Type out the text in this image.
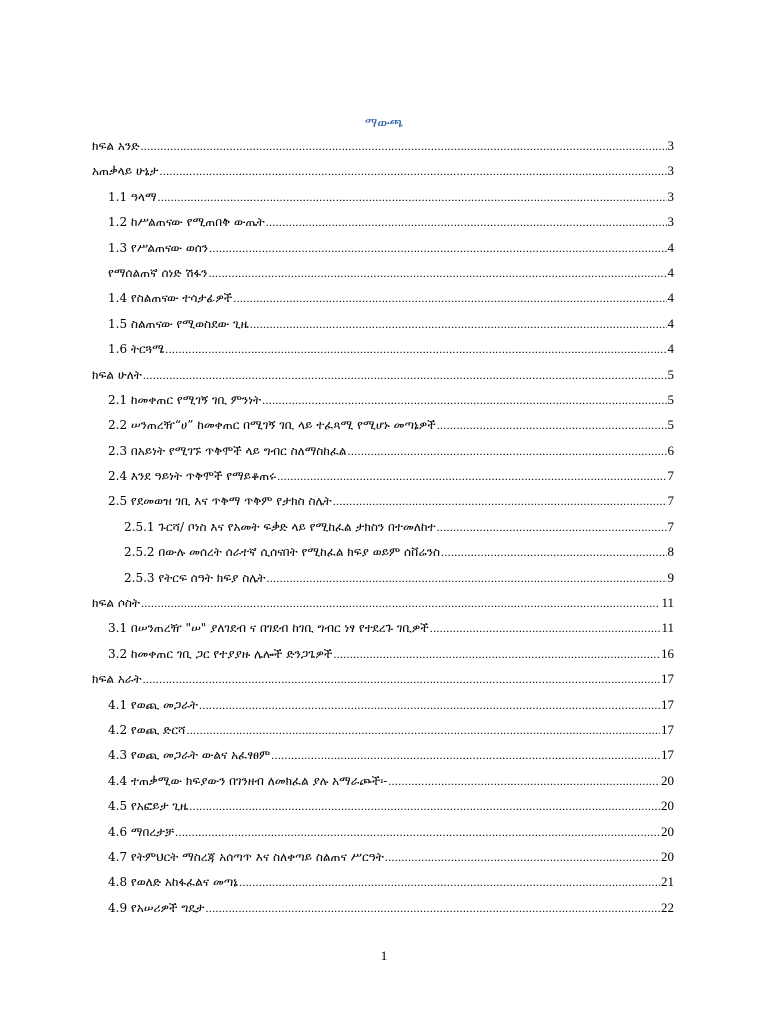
ማውጫ
ክፍል አንድ .....	3
አጠቃላይ ሁኔታ .....	3
1.1 ዓላማ .....	3
1.2 ከሥልጠናው የሚጠበቅ ውጤት .....	3
1.3 የሥልጠናው ወሰን .....	4
የማሰልጠኛ ሰነድ ሽፋን .....	4
1.4 የስልጠናው ተሳታፊዎች .....	4
1.5 ስልጠናው የሚወስደው ጊዜ .....	4
1.6 ትርጓሜ .....	4
ክፍል ሁለት .....	5
2.1 ከመቀጠር የሚገኝ ገቢ ምንነት .....	5
2.2 ሠንጠረዥ“ሀ” ከመቀጠር በሚገኝ ገቢ ላይ ተፈጻሚ የሚሆኑ መጣኔዎች .....	5
2.3 በአይነት የሚገኙ ጥቅሞች ላይ ግብር ስለማስከፈል .....	6
2.4 እንደ ዓይነት ጥቅሞች የማይቆጠሩ .....	7
2.5 የደመወዝ ገቢ እና ጥቅማ ጥቅም የታክስ ስሌት .....	7
2.5.1 ጉርሻ/ ቦነስ እና የአመት ፍቃድ ላይ የሚከፈል ታክስን በተመለከተ .....	7
2.5.2 በውሉ መሰረት ሰራተኛ ሲሰናበት የሚከፈል ክፍያ ወይም ሰቨሬንስ .....	8
2.5.3 የትርፍ ሰዓት ክፍያ ስሌት .....	9
ክፍል ሶስት .....	11
3.1 በሠንጠረዥ "ሠ" ያለገደብ ና በገደብ ከገቢ ግብር ነፃ የተደረጉ ገቢዎች .....	11
3.2 ከመቀጠር ገቢ ጋር የተያያዙ ሌሎች ድንጋጌዎች .....	16
ክፍል አራት .....	17
4.1 የወጪ መጋራት .....	17
4.2 የወጪ ድርሻ .....	17
4.3 የወጪ መጋራት ውልና አፈፃፀም .....	17
4.4 ተጠቃሚው ክፍያውን በገንዘብ ለመክፈል ያሉ አማራጮች፡- .....	20
4.5 የአፎይታ ጊዜ .....	20
4.6 ማበረታቻ .....	20
4.7 የትምህርት ማስረጃ አሰጣጥ እና ስለቀጣይ ስልጠና ሥርዓት .....	20
4.8 የወለድ አከፋፈልና መጣኔ .....	21
4.9 የአሠሪዎች ግዴታ .....	22
1
